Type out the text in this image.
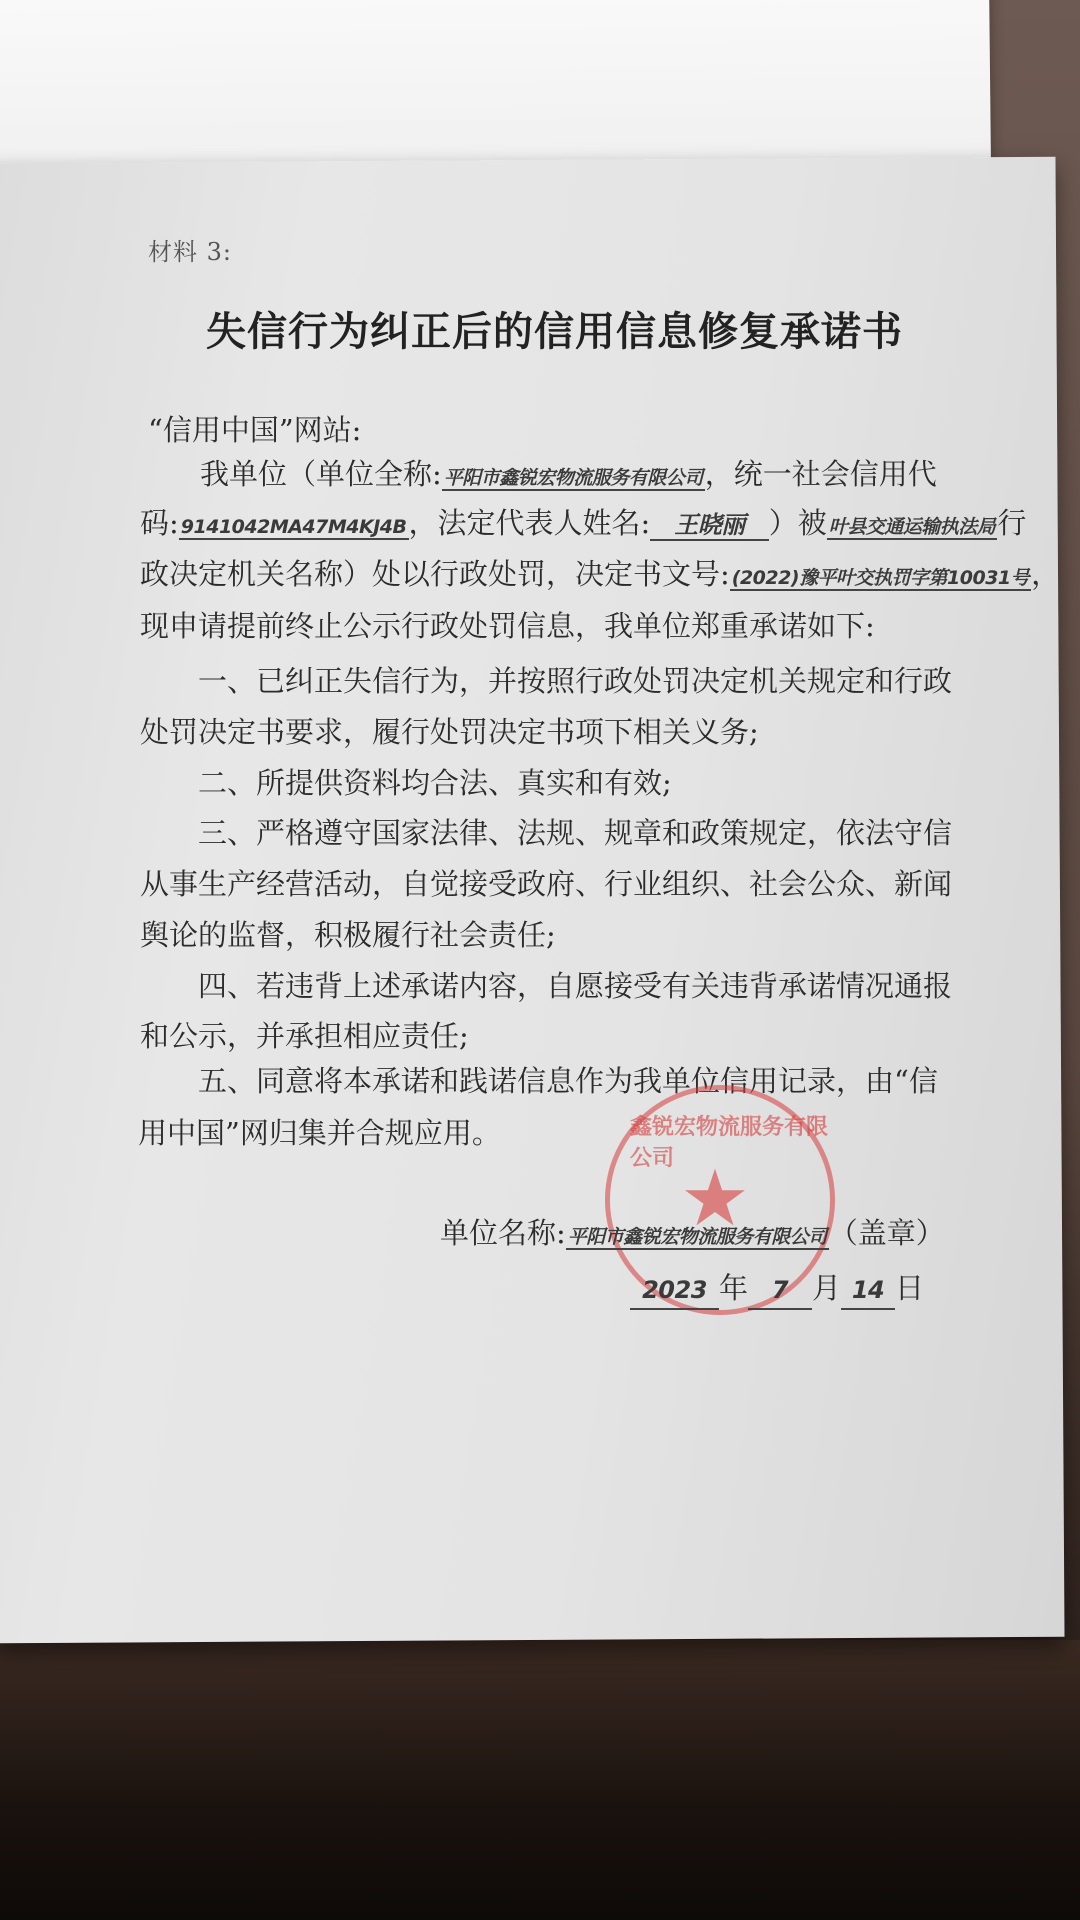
材料 3:
失信行为纠正后的信用信息修复承诺书
“信用中国”网站:
我单位（单位全称: 平阳市鑫锐宏物流服务有限公司，统一社会信用代
码: 9141042MA47M4KJ4B，法定代表人姓名: 王晓丽 ）被 叶县交通运输执法局行
政决定机关名称）处以行政处罚，决定书文号: (2022)豫平叶交执罚字第10031号，
现申请提前终止公示行政处罚信息，我单位郑重承诺如下:
一、已纠正失信行为，并按照行政处罚决定机关规定和行政
处罚决定书要求，履行处罚决定书项下相关义务;
二、所提供资料均合法、真实和有效;
三、严格遵守国家法律、法规、规章和政策规定，依法守信
从事生产经营活动，自觉接受政府、行业组织、社会公众、新闻
舆论的监督，积极履行社会责任;
四、若违背上述承诺内容，自愿接受有关违背承诺情况通报
和公示，并承担相应责任;
五、同意将本承诺和践诺信息作为我单位信用记录，由“信
用中国”网归集并合规应用。	鑫锐宏物流服务有限公司 ★
单位名称: 平阳市鑫锐宏物流服务有限公司（盖章）
2023 年 7 月 14 日
